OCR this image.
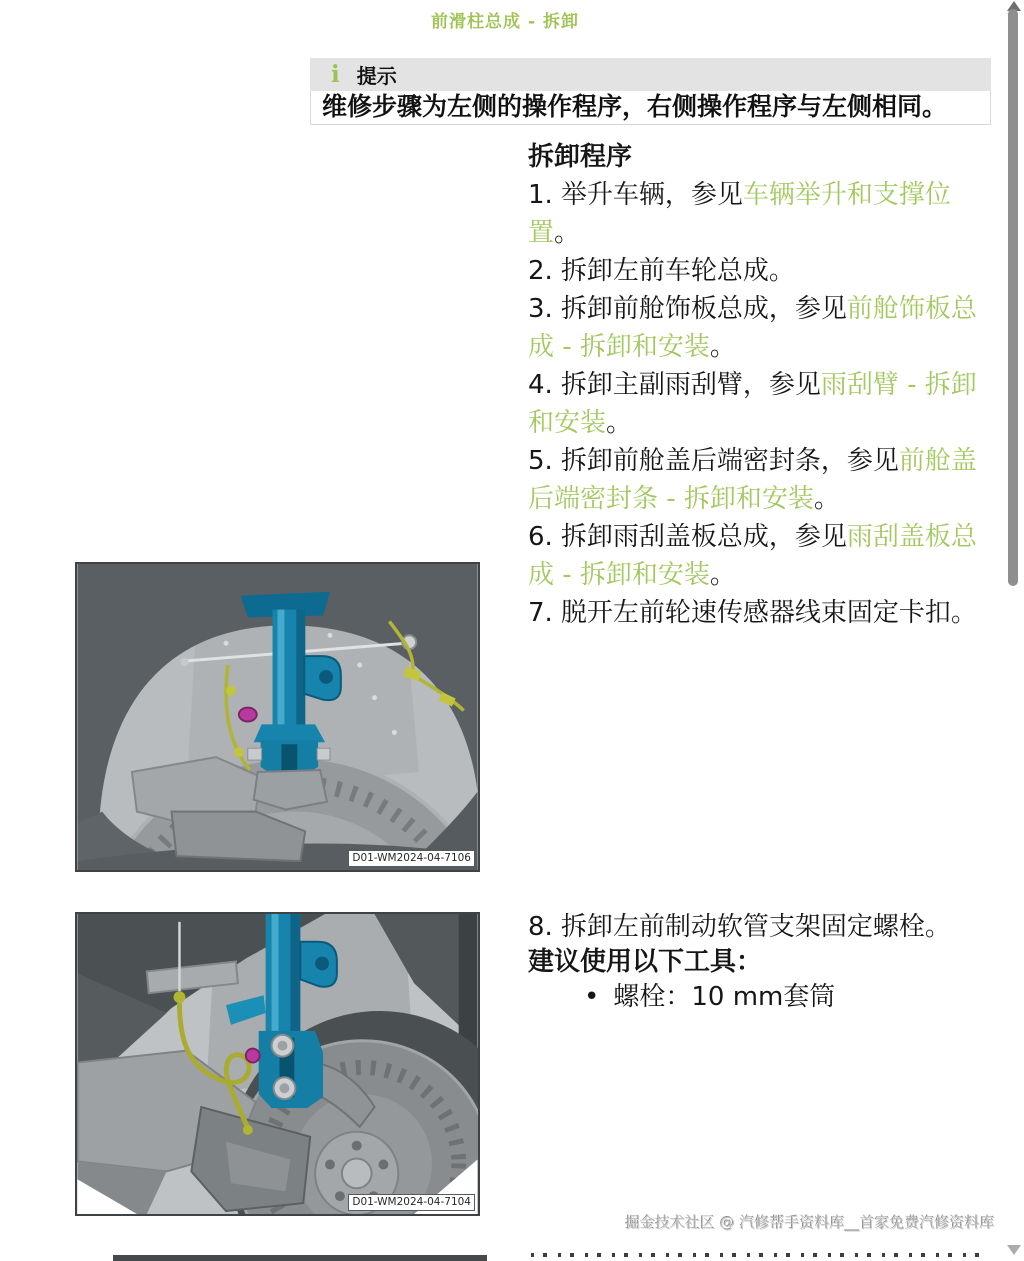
前滑柱总成 - 拆卸
i 提示
维修步骤为左侧的操作程序，右侧操作程序与左侧相同。
拆卸程序

1. 举升车辆，参见车辆举升和支撑位置。

2. 拆卸左前车轮总成。

3. 拆卸前舱饰板总成，参见前舱饰板总成 - 拆卸和安装。

4. 拆卸主副雨刮臂，参见雨刮臂 - 拆卸和安装。

5. 拆卸前舱盖后端密封条，参见前舱盖后端密封条 - 拆卸和安装。

6. 拆卸雨刮盖板总成，参见雨刮盖板总成 - 拆卸和安装。

7. 脱开左前轮速传感器线束固定卡扣。

8. 拆卸左前制动软管支架固定螺栓。

建议使用以下工具：
• 螺栓：10 mm套筒
D01-WM2024-04-7106
D01-WM2024-04-7104
掘金技术社区 @ 汽修帮手资料库__首家免费汽修资料库
